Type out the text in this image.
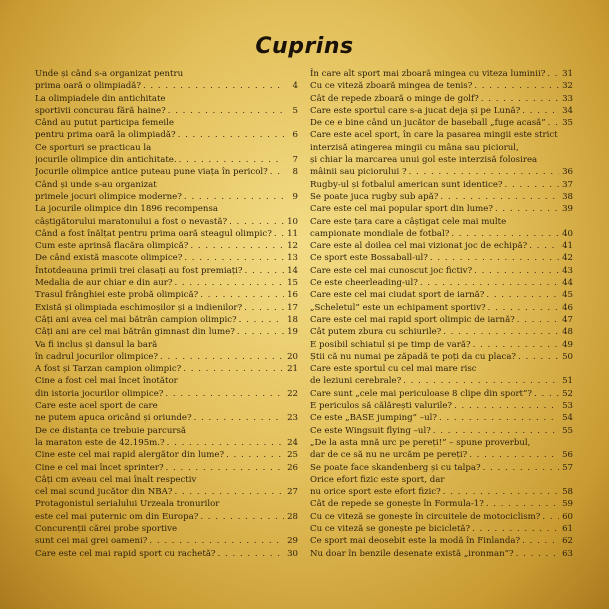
Cuprins
Unde și când s-a organizat pentru
prima oară o olimpiadă? . . .	4
La olimpiadele din antichitate
sportivii concurau fără haine? . . .	5
Când au putut participa femeile
pentru prima oară la olimpiadă? . . .	6
Ce sporturi se practicau la
jocurile olimpice din antichitate. . . .	7
Jocurile olimpice antice puteau pune viața în pericol? . . .	8
Când și unde s-au organizat
primele jocuri olimpice moderne? . . .	9
La jocurile olimpice din 1896 recompensa
câștigătorului maratonului a fost o nevastă? . . .	10
Când a fost înălțat pentru prima oară steagul olimpic? . . . 11
Cum este aprinsă flacăra olimpică? . . .	12
De când există mascote olimpice? . . .	13
Întotdeauna primii trei clasați au fost premiați? . . .	14
Medalia de aur chiar e din aur? . . .	15
Trasul frânghiei este probă olimpică? . . .	16
Există și olimpiada eschimoșilor și a indienilor? . . .	17
Câți ani avea cel mai bătrân campion olimpic? . . .	18
Câți ani are cel mai bătrân gimnast din lume? . . .	19
Va fi inclus și dansul la bară
în cadrul jocurilor olimpice? . . .	20
A fost și Tarzan campion olimpic? . . .	21
Cine a fost cel mai încet înotător
din istoria jocurilor olimpice? . . .	22
Care este acel sport de care
ne putem apuca oricând și oriunde? . . .	23
De ce distanța ce trebuie parcursă
la maraton este de 42.195m.? . . .	24
Cine este cel mai rapid alergător din lume? . . .	25
Cine e cel mai încet sprinter? . . .	26
Câți cm aveau cel mai înalt respectiv
cel mai scund jucător din NBA? . . .	27
Protagonistul serialului Urzeala tronurilor
este cel mai puternic om din Europa? . . .	28
Concurenții cărei probe sportive
sunt cei mai grei oameni? . . .	29
Care este cel mai rapid sport cu rachetă? . . .	30
În care alt sport mai zboară mingea cu viteza luminii? . . . 31
Cu ce viteză zboară mingea de tenis? . . .	32
Cât de repede zboară o minge de golf? . . .	33
Care este sportul care s-a jucat deja și pe Lună? . . .	34
De ce e bine când un jucător de baseball „fuge acasă” . . . 35
Care este acel sport, în care la pasarea mingii este strict
interzisă atingerea mingii cu mâna sau piciorul,
și chiar la marcarea unui gol este interzisă folosirea
mâinii sau piciorului ? . . .	36
Rugby-ul și fotbalul american sunt identice? . . .	37
Se poate juca rugby sub apă? . . .	38
Care este cel mai popular sport din lume? . . .	39
Care este țara care a câștigat cele mai multe
campionate mondiale de fotbal? . . .	40
Care este al doilea cel mai vizionat joc de echipă? . . .	41
Ce sport este Bossaball-ul? . . .	42
Care este cel mai cunoscut joc fictiv? . . .	43
Ce este cheerleading-ul? . . .	44
Care este cel mai ciudat sport de iarnă? . . .	45
„Scheletul” este un echipament sportiv? . . .	46
Care este cel mai rapid sport olimpic de iarnă? . . .	47
Cât putem zbura cu schiurile? . . .	48
E posibil schiatul și pe timp de vară? . . .	49
Știi că nu numai pe zăpadă te poți da cu placa? . . .	50
Care este sportul cu cel mai mare risc
de leziuni cerebrale? . . .	51
Care sunt „cele mai periculoase 8 clipe din sport”? . . .	52
E periculos să călărești valurile? . . .	53
Ce este „BASE jumping” –ul? . . .	54
Ce este Wingsuit flying –ul? . . .	55
„De la asta mnă urc pe pereți!” – spune proverbul,
dar de ce să nu ne urcăm pe pereți? . . .	56
Se poate face skandenberg și cu talpa? . . .	57
Orice efort fizic este sport, dar
nu orice sport este efort fizic? . . .	58
Cât de repede se gonește în Formula-1? . . .	59
Cu ce viteză se gonește în circuitele de motociclism? . . .	60
Cu ce viteză se gonește pe bicicletă? . . .	61
Ce sport mai deosebit este la modă în Finlanda? . . .	62
Nu doar în benzile desenate există „ironman”? . . .	63
